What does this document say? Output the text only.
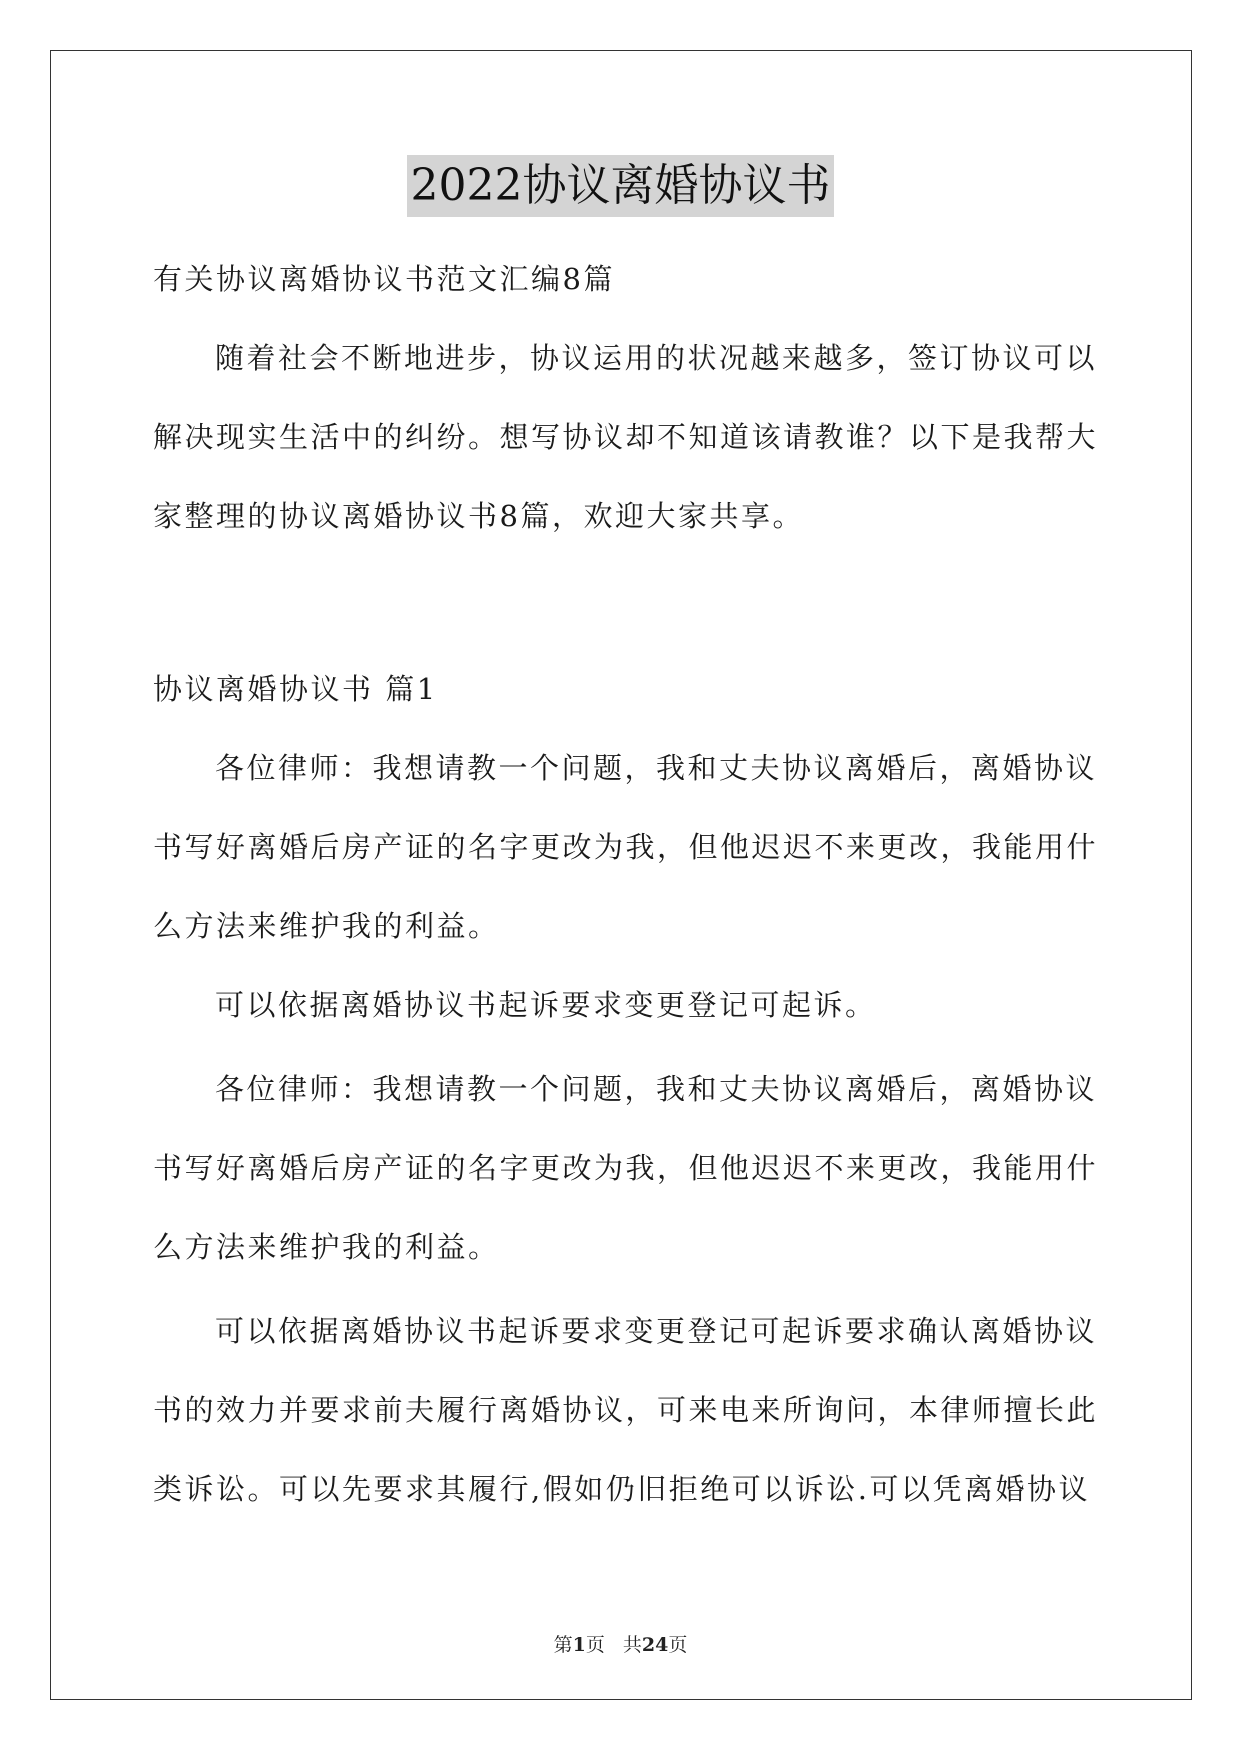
2022协议离婚协议书
有关协议离婚协议书范文汇编8篇
随着社会不断地进步，协议运用的状况越来越多，签订协议可以
解决现实生活中的纠纷。想写协议却不知道该请教谁？以下是我帮大
家整理的协议离婚协议书8篇，欢迎大家共享。
协议离婚协议书 篇1
各位律师：我想请教一个问题，我和丈夫协议离婚后，离婚协议
书写好离婚后房产证的名字更改为我，但他迟迟不来更改，我能用什
么方法来维护我的利益。
可以依据离婚协议书起诉要求变更登记可起诉。
各位律师：我想请教一个问题，我和丈夫协议离婚后，离婚协议
书写好离婚后房产证的名字更改为我，但他迟迟不来更改，我能用什
么方法来维护我的利益。
可以依据离婚协议书起诉要求变更登记可起诉要求确认离婚协议
书的效力并要求前夫履行离婚协议，可来电来所询问，本律师擅长此
类诉讼。可以先要求其履行,假如仍旧拒绝可以诉讼.可以凭离婚协议
第1页 共24页
